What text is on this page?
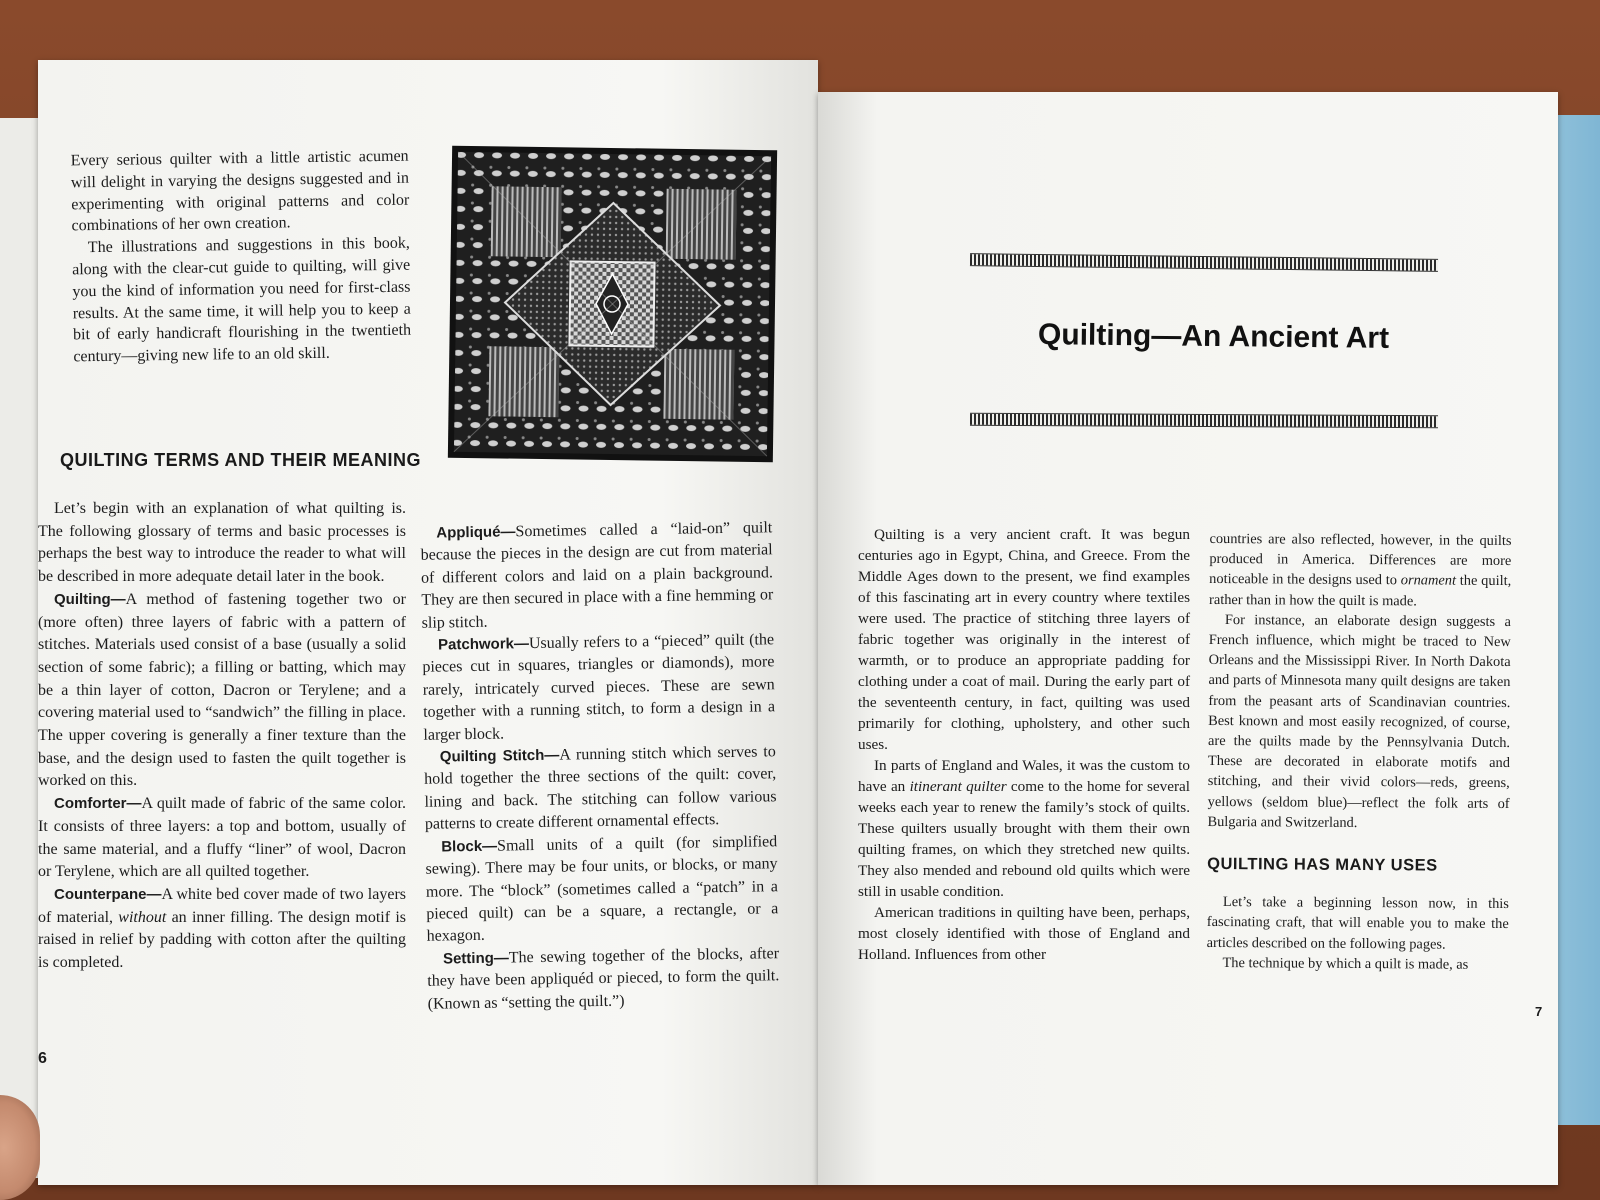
Every serious quilter with a little artistic acumen will delight in varying the designs suggested and in experimenting with original patterns and color combinations of her own creation.

The illustrations and suggestions in this book, along with the clear-cut guide to quilting, will give you the kind of information you need for first-class results. At the same time, it will help you to keep a bit of early handicraft flourishing in the twentieth century—giving new life to an old skill.

QUILTING TERMS AND THEIR MEANING

Let’s begin with an explanation of what quilting is. The following glossary of terms and basic processes is perhaps the best way to introduce the reader to what will be described in more adequate detail later in the book.

Quilting—A method of fastening together two or (more often) three layers of fabric with a pattern of stitches. Materials used consist of a base (usually a solid section of some fabric); a filling or batting, which may be a thin layer of cotton, Dacron or Terylene; and a covering material used to “sandwich” the filling in place. The upper covering is generally a finer texture than the base, and the design used to fasten the quilt together is worked on this.

Comforter—A quilt made of fabric of the same color. It consists of three layers: a top and bottom, usually of the same material, and a fluffy “liner” of wool, Dacron or Terylene, which are all quilted together.

Counterpane—A white bed cover made of two layers of material, without an inner filling. The design motif is raised in relief by padding with cotton after the quilting is completed.

Appliqué—Sometimes called a “laid-on” quilt because the pieces in the design are cut from material of different colors and laid on a plain background. They are then secured in place with a fine hemming or slip stitch.

Patchwork—Usually refers to a “pieced” quilt (the pieces cut in squares, triangles or diamonds), more rarely, intricately curved pieces. These are sewn together with a running stitch, to form a design in a larger block.

Quilting Stitch—A running stitch which serves to hold together the three sections of the quilt: cover, lining and back. The stitching can follow various patterns to create different ornamental effects.

Block—Small units of a quilt (for simplified sewing). There may be four units, or blocks, or many more. The “block” (sometimes called a “patch” in a pieced quilt) can be a square, a rectangle, or a hexagon.

Setting—The sewing together of the blocks, after they have been appliquéd or pieced, to form the quilt. (Known as “setting the quilt.”)

6
Quilting—An Ancient Art

Quilting is a very ancient craft. It was begun centuries ago in Egypt, China, and Greece. From the Middle Ages down to the present, we find examples of this fascinating art in every country where textiles were used. The practice of stitching three layers of fabric together was originally in the interest of warmth, or to produce an appropriate padding for clothing under a coat of mail. During the early part of the seventeenth century, in fact, quilting was used primarily for clothing, upholstery, and other such uses.

In parts of England and Wales, it was the custom to have an itinerant quilter come to the home for several weeks each year to renew the family’s stock of quilts. These quilters usually brought with them their own quilting frames, on which they stretched new quilts. They also mended and rebound old quilts which were still in usable condition.

American traditions in quilting have been, perhaps, most closely identified with those of England and Holland. Influences from other

countries are also reflected, however, in the quilts produced in America. Differences are more noticeable in the designs used to ornament the quilt, rather than in how the quilt is made.

For instance, an elaborate design suggests a French influence, which might be traced to New Orleans and the Mississippi River. In North Dakota and parts of Minnesota many quilt designs are taken from the peasant arts of Scandinavian countries. Best known and most easily recognized, of course, are the quilts made by the Pennsylvania Dutch. These are decorated in elaborate motifs and stitching, and their vivid colors—reds, greens, yellows (seldom blue)—reflect the folk arts of Bulgaria and Switzerland.

QUILTING HAS MANY USES

Let’s take a beginning lesson now, in this fascinating craft, that will enable you to make the articles described on the following pages.

The technique by which a quilt is made, as

7
